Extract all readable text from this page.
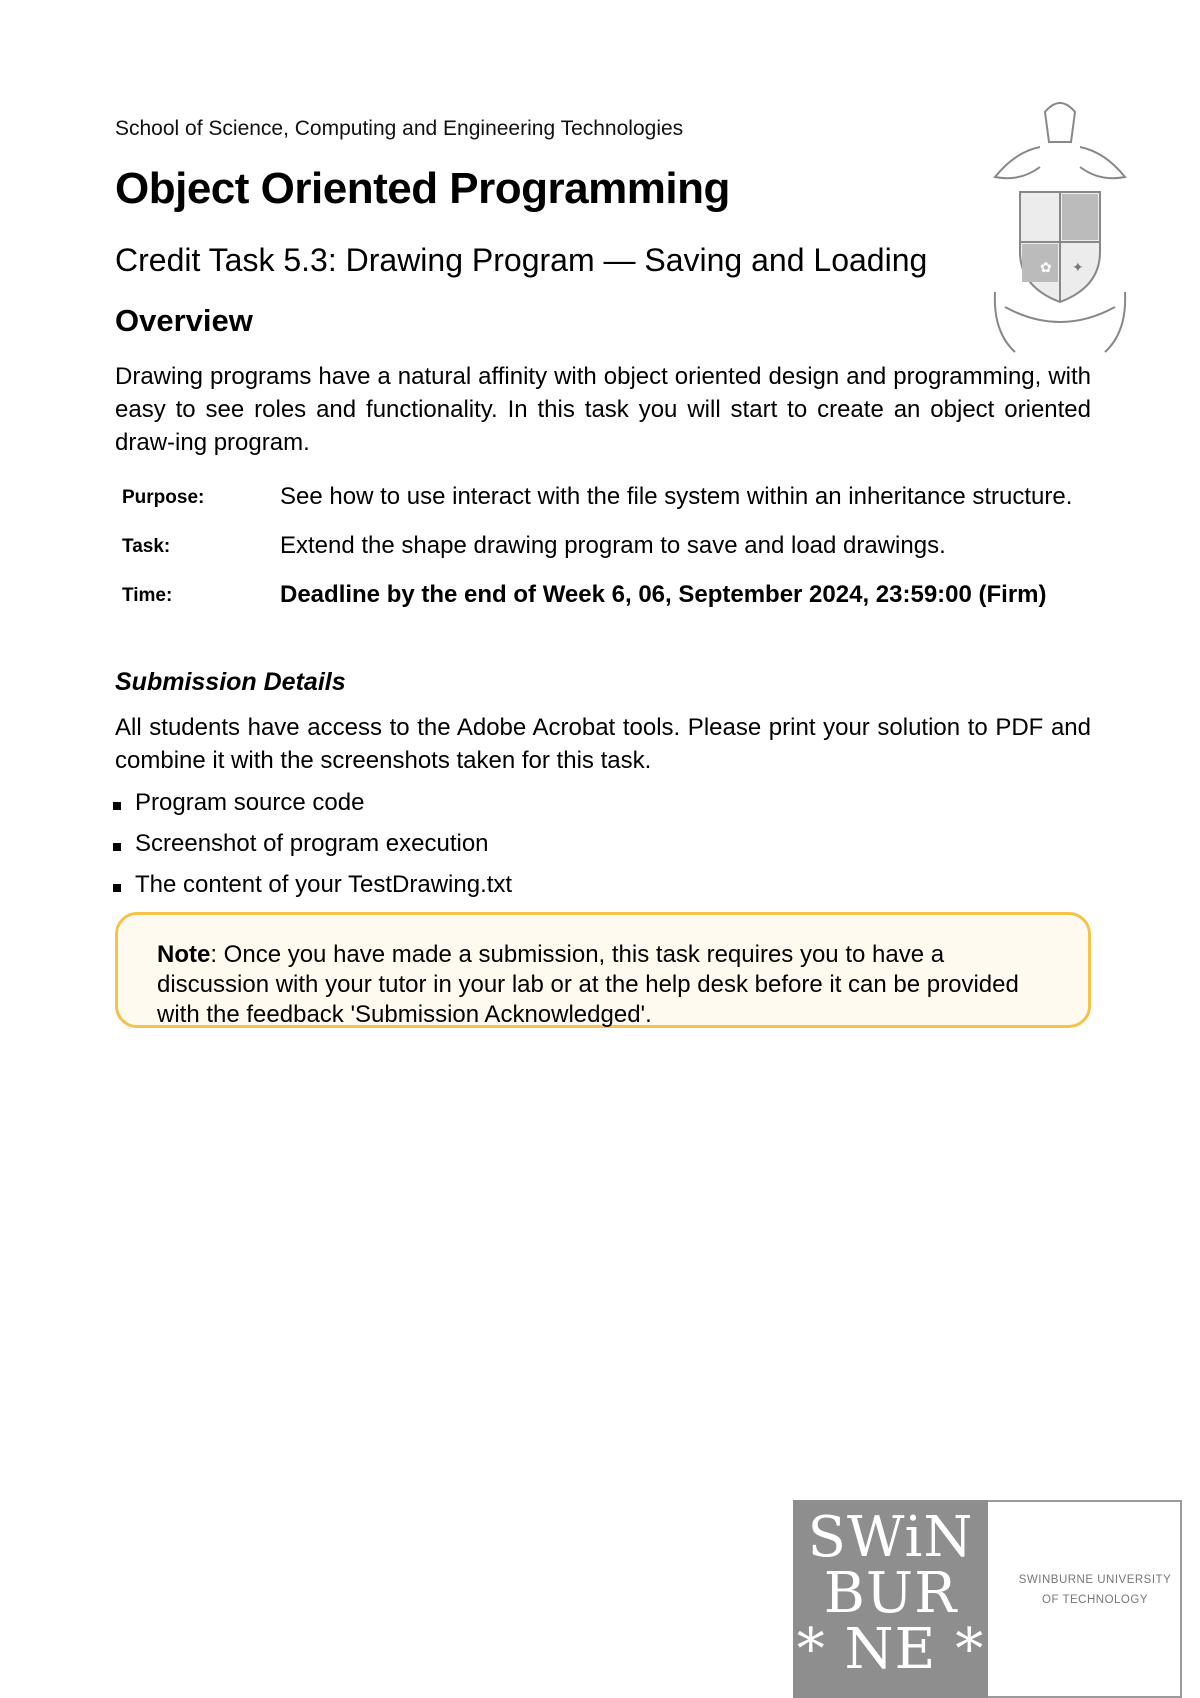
School of Science, Computing and Engineering Technologies
Object Oriented Programming
Credit Task 5.3: Drawing Program — Saving and Loading	✿ ✦
Overview
Drawing programs have a natural affinity with object oriented design and programming, with easy to see roles and functionality. In this task you will start to create an object oriented draw-ing program.
Purpose:	See how to use interact with the file system within an inheritance structure.
Task:	Extend the shape drawing program to save and load drawings.
Time:	Deadline by the end of Week 6, 06, September 2024, 23:59:00 (Firm)
Submission Details
All students have access to the Adobe Acrobat tools. Please print your solution to PDF and combine it with the screenshots taken for this task.
Program source code
Screenshot of program execution
The content of your TestDrawing.txt
Note: Once you have made a submission, this task requires you to have a discussion with your tutor in your lab or at the help desk before it can be provided with the feedback 'Submission Acknowledged'.
SWiN
BUR
* NE *
SWINBURNE UNIVERSITY
OF TECHNOLOGY
